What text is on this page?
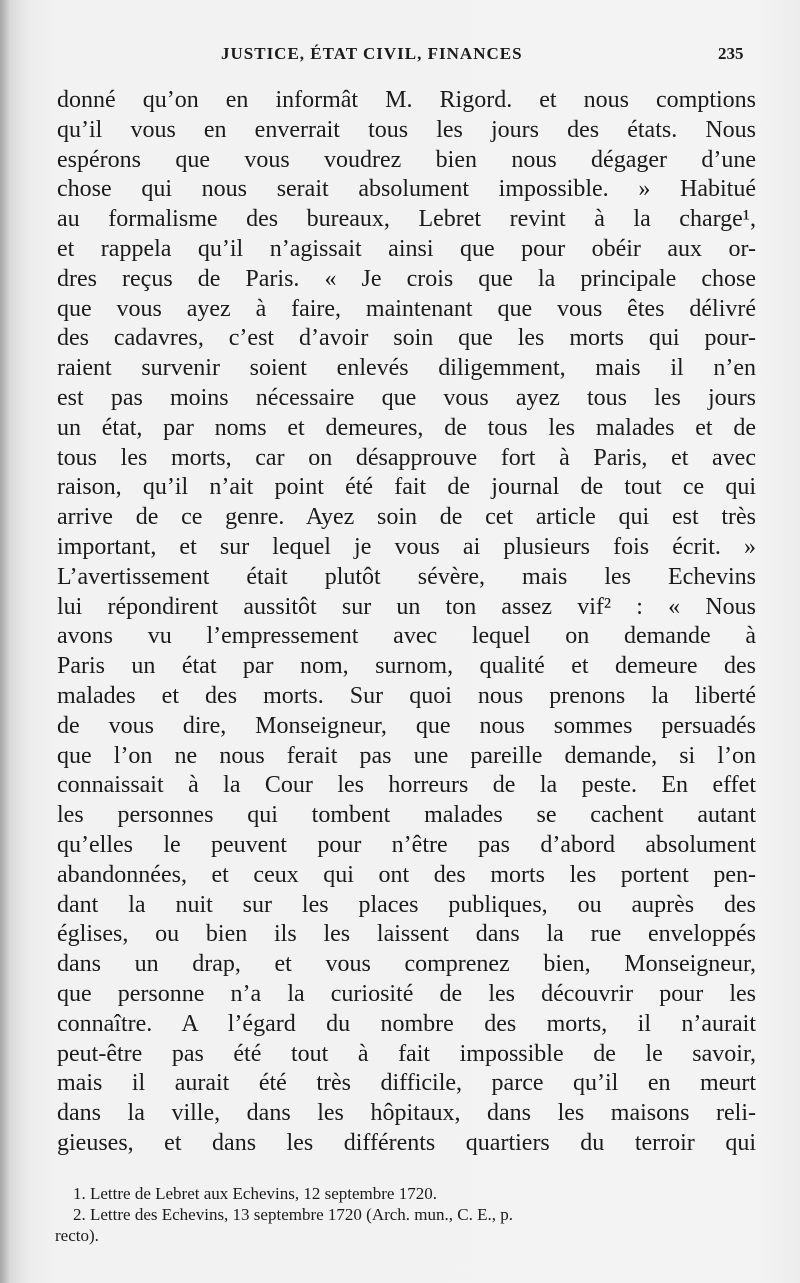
JUSTICE, ÉTAT CIVIL, FINANCES	235
donné qu’on en informât M. Rigord. et nous comptions
qu’il vous en enverrait tous les jours des états. Nous
espérons que vous voudrez bien nous dégager d’une
chose qui nous serait absolument impossible. » Habitué
au formalisme des bureaux, Lebret revint à la charge¹,
et rappela qu’il n’agissait ainsi que pour obéir aux or-
dres reçus de Paris. « Je crois que la principale chose
que vous ayez à faire, maintenant que vous êtes délivré
des cadavres, c’est d’avoir soin que les morts qui pour-
raient survenir soient enlevés diligemment, mais il n’en
est pas moins nécessaire que vous ayez tous les jours
un état, par noms et demeures, de tous les malades et de
tous les morts, car on désapprouve fort à Paris, et avec
raison, qu’il n’ait point été fait de journal de tout ce qui
arrive de ce genre. Ayez soin de cet article qui est très
important, et sur lequel je vous ai plusieurs fois écrit. »
L’avertissement était plutôt sévère, mais les Echevins
lui répondirent aussitôt sur un ton assez vif² : « Nous
avons vu l’empressement avec lequel on demande à
Paris un état par nom, surnom, qualité et demeure des
malades et des morts. Sur quoi nous prenons la liberté
de vous dire, Monseigneur, que nous sommes persuadés
que l’on ne nous ferait pas une pareille demande, si l’on
connaissait à la Cour les horreurs de la peste. En effet
les personnes qui tombent malades se cachent autant
qu’elles le peuvent pour n’être pas d’abord absolument
abandonnées, et ceux qui ont des morts les portent pen-
dant la nuit sur les places publiques, ou auprès des
églises, ou bien ils les laissent dans la rue enveloppés
dans un drap, et vous comprenez bien, Monseigneur,
que personne n’a la curiosité de les découvrir pour les
connaître. A l’égard du nombre des morts, il n’aurait
peut-être pas été tout à fait impossible de le savoir,
mais il aurait été très difficile, parce qu’il en meurt
dans la ville, dans les hôpitaux, dans les maisons reli-
gieuses, et dans les différents quartiers du terroir qui
1. Lettre de Lebret aux Echevins, 12 septembre 1720.
2. Lettre des Echevins, 13 septembre 1720 (Arch. mun., C. E., p.
recto).
